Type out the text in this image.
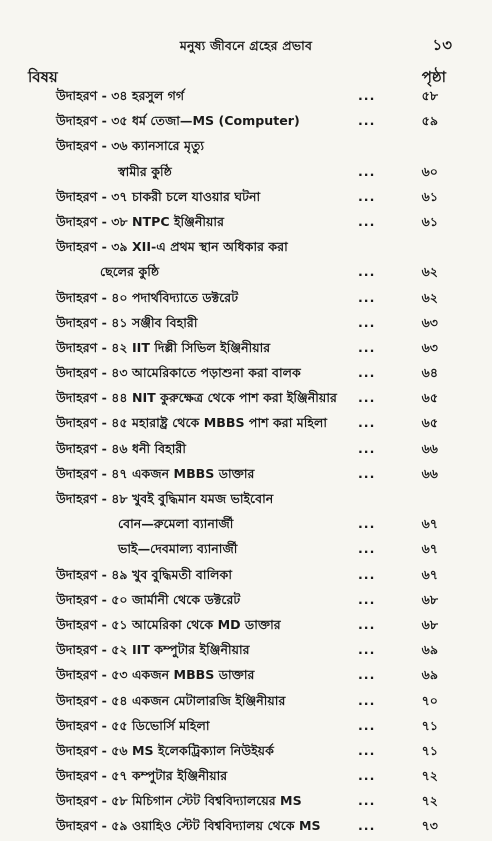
মনুষ্য জীবনে গ্রহের প্রভাব	১৩
বিষয়	পৃষ্ঠা
উদাহরণ - ৩৪ হরসুল গর্গ	...	৫৮
উদাহরণ - ৩৫ ধর্ম তেজা—MS (Computer)	...	৫৯
উদাহরণ - ৩৬ ক্যানসারে মৃত্যু
স্বামীর কুষ্ঠি	...	৬০
উদাহরণ - ৩৭ চাকরী চলে যাওয়ার ঘটনা	...	৬১
উদাহরণ - ৩৮ NTPC ইঞ্জিনীয়ার	...	৬১
উদাহরণ - ৩৯ XII-এ প্রথম স্থান অধিকার করা
ছেলের কুষ্ঠি	...	৬২
উদাহরণ - ৪০ পদার্থবিদ্যাতে ডক্টরেট	...	৬২
উদাহরণ - ৪১ সঞ্জীব বিহারী	...	৬৩
উদাহরণ - ৪২ IIT দিল্লী সিভিল ইঞ্জিনীয়ার	...	৬৩
উদাহরণ - ৪৩ আমেরিকাতে পড়াশুনা করা বালক	...	৬৪
উদাহরণ - ৪৪ NIT কুরুক্ষেত্র থেকে পাশ করা ইঞ্জিনীয়ার ...	৬৫
উদাহরণ - ৪৫ মহারাষ্ট্র থেকে MBBS পাশ করা মহিলা ...	৬৫
উদাহরণ - ৪৬ ধনী বিহারী	...	৬৬
উদাহরণ - ৪৭ একজন MBBS ডাক্তার	...	৬৬
উদাহরণ - ৪৮ খুবই বুদ্ধিমান যমজ ভাইবোন
বোন—রুমেলা ব্যানার্জী	...	৬৭
ভাই—দেবমাল্য ব্যানার্জী	...	৬৭
উদাহরণ - ৪৯ খুব বুদ্ধিমতী বালিকা	...	৬৭
উদাহরণ - ৫০ জার্মানী থেকে ডক্টরেট	...	৬৮
উদাহরণ - ৫১ আমেরিকা থেকে MD ডাক্তার	...	৬৮
উদাহরণ - ৫২ IIT কম্পুটার ইঞ্জিনীয়ার	...	৬৯
উদাহরণ - ৫৩ একজন MBBS ডাক্তার	...	৬৯
উদাহরণ - ৫৪ একজন মেটালারজি ইঞ্জিনীয়ার	...	৭০
উদাহরণ - ৫৫ ডিভোর্সি মহিলা	...	৭১
উদাহরণ - ৫৬ MS ইলেকট্রিক্যাল নিউইয়র্ক	...	৭১
উদাহরণ - ৫৭ কম্পুটার ইঞ্জিনীয়ার	...	৭২
উদাহরণ - ৫৮ মিচিগান স্টেট বিশ্ববিদ্যালয়ের MS	...	৭২
উদাহরণ - ৫৯ ওয়াহিও স্টেট বিশ্ববিদ্যালয় থেকে MS	...	৭৩
